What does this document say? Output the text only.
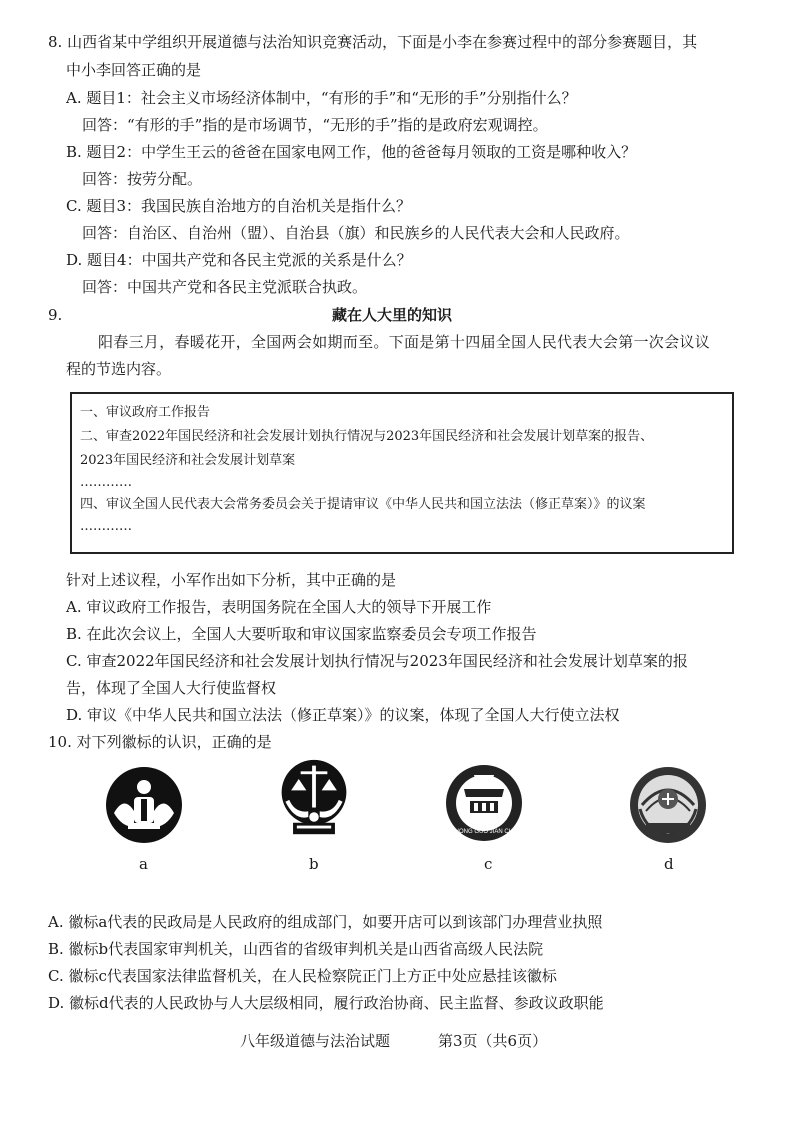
8. 山西省某中学组织开展道德与法治知识竞赛活动，下面是小李在参赛过程中的部分参赛题目，其
中小李回答正确的是
A. 题目1：社会主义市场经济体制中，“有形的手”和“无形的手”分别指什么？
回答：“有形的手”指的是市场调节，“无形的手”指的是政府宏观调控。
B. 题目2：中学生王云的爸爸在国家电网工作，他的爸爸每月领取的工资是哪种收入？
回答：按劳分配。
C. 题目3：我国民族自治地方的自治机关是指什么？
回答：自治区、自治州（盟）、自治县（旗）和民族乡的人民代表大会和人民政府。
D. 题目4：中国共产党和各民主党派的关系是什么？
回答：中国共产党和各民主党派联合执政。
9.	藏在人大里的知识
阳春三月，春暖花开，全国两会如期而至。下面是第十四届全国人民代表大会第一次会议议
程的节选内容。
一、审议政府工作报告
二、审查2022年国民经济和社会发展计划执行情况与2023年国民经济和社会发展计划草案的报告、
2023年国民经济和社会发展计划草案
…………
四、审议全国人民代表大会常务委员会关于提请审议《中华人民共和国立法法（修正草案）》的议案
…………
针对上述议程，小军作出如下分析，其中正确的是
A. 审议政府工作报告，表明国务院在全国人大的领导下开展工作
B. 在此次会议上，全国人大要听取和审议国家监察委员会专项工作报告
C. 审查2022年国民经济和社会发展计划执行情况与2023年国民经济和社会发展计划草案的报
告，体现了全国人大行使监督权
D. 审议《中华人民共和国立法法（修正草案）》的议案，体现了全国人大行使立法权
10. 对下列徽标的认识，正确的是
a	b
ZHONG GUO JIAN CHA
c	d
A. 徽标a代表的民政局是人民政府的组成部门，如要开店可以到该部门办理营业执照
B. 徽标b代表国家审判机关，山西省的省级审判机关是山西省高级人民法院
C. 徽标c代表国家法律监督机关，在人民检察院正门上方正中处应悬挂该徽标
D. 徽标d代表的人民政协与人大层级相同，履行政治协商、民主监督、参政议政职能
八年级道德与法治试题	第3页（共6页）
